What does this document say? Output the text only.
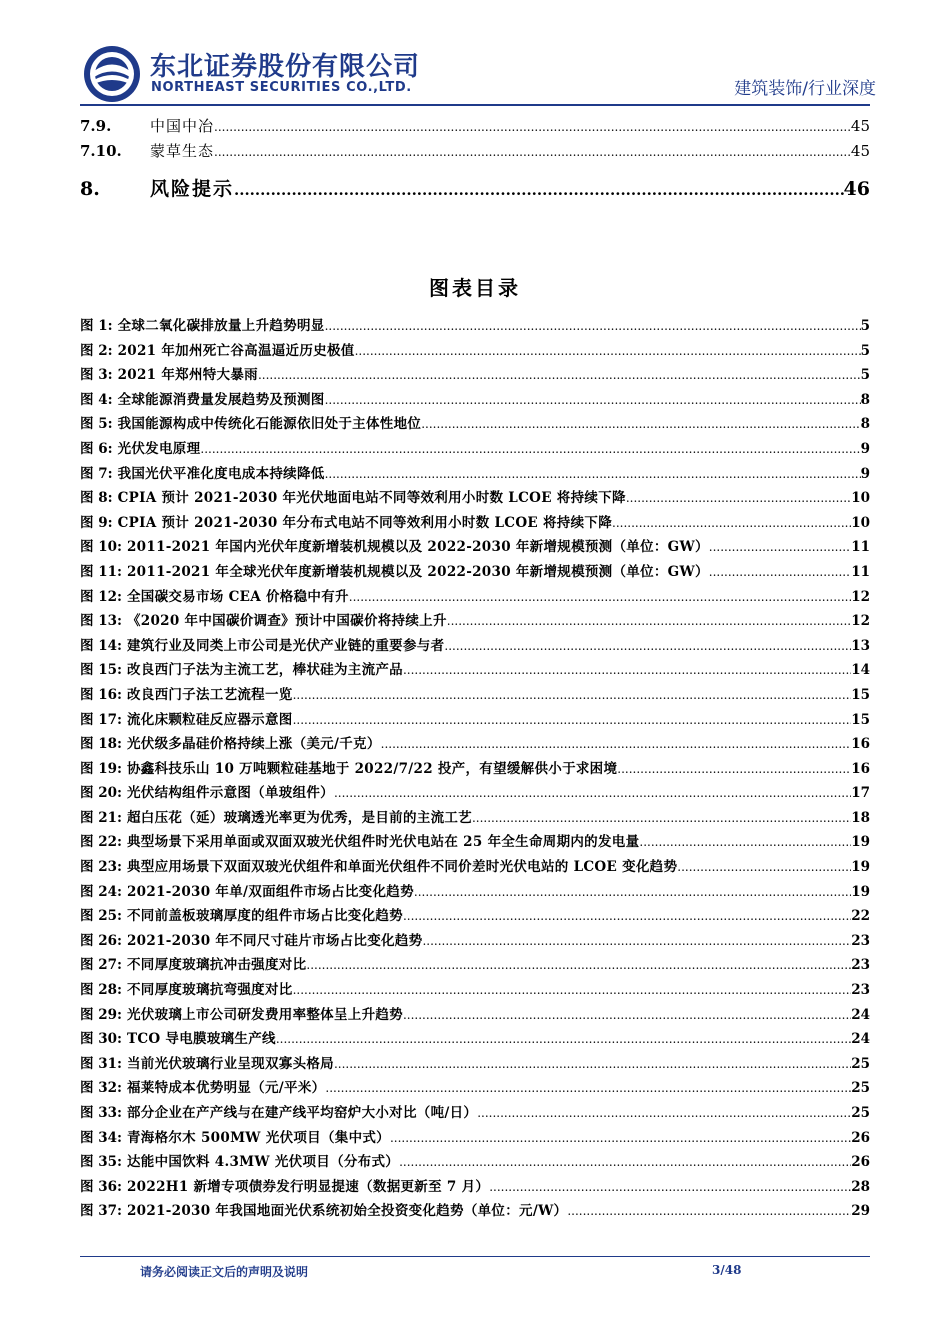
东北证券股份有限公司
NORTHEAST SECURITIES CO.,LTD.	建筑装饰/行业深度
7.9.	中国中冶 .....	45
7.10.	蒙草生态 .....	45
8.	风险提示 .....	46
图表目录
图 1: 全球二氧化碳排放量上升趋势明显 .....	5
图 2: 2021 年加州死亡谷高温逼近历史极值 .....	5
图 3: 2021 年郑州特大暴雨 .....	5
图 4: 全球能源消费量发展趋势及预测图 .....	8
图 5: 我国能源构成中传统化石能源依旧处于主体性地位 .....	8
图 6: 光伏发电原理 .....	9
图 7: 我国光伏平准化度电成本持续降低 .....	9
图 8: CPIA 预计 2021-2030 年光伏地面电站不同等效利用小时数 LCOE 将持续下降 .....	10
图 9: CPIA 预计 2021-2030 年分布式电站不同等效利用小时数 LCOE 将持续下降 .....	10
图 10: 2011-2021 年国内光伏年度新增装机规模以及 2022-2030 年新增规模预测（单位：GW） .....	11
图 11: 2011-2021 年全球光伏年度新增装机规模以及 2022-2030 年新增规模预测（单位：GW） .....	11
图 12: 全国碳交易市场 CEA 价格稳中有升 .....	12
图 13: 《2020 年中国碳价调查》预计中国碳价将持续上升 .....	12
图 14: 建筑行业及同类上市公司是光伏产业链的重要参与者 .....	13
图 15: 改良西门子法为主流工艺，棒状硅为主流产品 .....	14
图 16: 改良西门子法工艺流程一览 .....	15
图 17: 流化床颗粒硅反应器示意图 .....	15
图 18: 光伏级多晶硅价格持续上涨（美元/千克） .....	16
图 19: 协鑫科技乐山 10 万吨颗粒硅基地于 2022/7/22 投产，有望缓解供小于求困境 .....	16
图 20: 光伏结构组件示意图（单玻组件） .....	17
图 21: 超白压花（延）玻璃透光率更为优秀，是目前的主流工艺 .....	18
图 22: 典型场景下采用单面或双面双玻光伏组件时光伏电站在 25 年全生命周期内的发电量 .....	19
图 23: 典型应用场景下双面双玻光伏组件和单面光伏组件不同价差时光伏电站的 LCOE 变化趋势 .....	19
图 24: 2021-2030 年单/双面组件市场占比变化趋势 .....	19
图 25: 不同前盖板玻璃厚度的组件市场占比变化趋势 .....	22
图 26: 2021-2030 年不同尺寸硅片市场占比变化趋势 .....	23
图 27: 不同厚度玻璃抗冲击强度对比 .....	23
图 28: 不同厚度玻璃抗弯强度对比 .....	23
图 29: 光伏玻璃上市公司研发费用率整体呈上升趋势 .....	24
图 30: TCO 导电膜玻璃生产线 .....	24
图 31: 当前光伏玻璃行业呈现双寡头格局 .....	25
图 32: 福莱特成本优势明显（元/平米） .....	25
图 33: 部分企业在产产线与在建产线平均窑炉大小对比（吨/日） .....	25
图 34: 青海格尔木 500MW 光伏项目（集中式） .....	26
图 35: 达能中国饮料 4.3MW 光伏项目（分布式） .....	26
图 36: 2022H1 新增专项债券发行明显提速（数据更新至 7 月） .....	28
图 37: 2021-2030 年我国地面光伏系统初始全投资变化趋势（单位：元/W） .....	29
请务必阅读正文后的声明及说明	3/48
